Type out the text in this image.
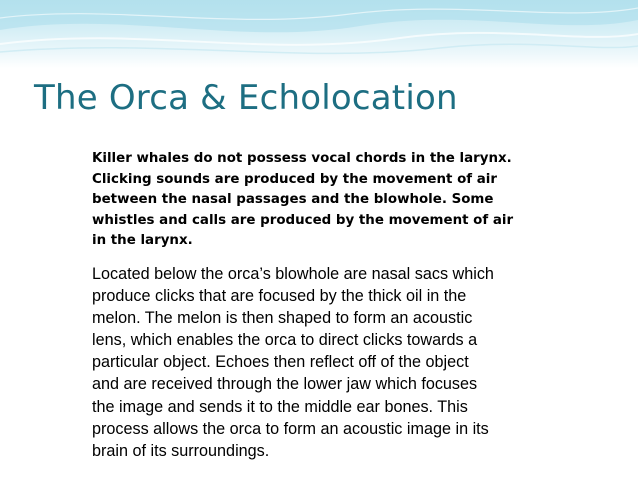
The Orca & Echolocation
Killer whales do not possess vocal chords in the larynx.
Clicking sounds are produced by the movement of air
between the nasal passages and the blowhole. Some
whistles and calls are produced by the movement of air
in the larynx.
Located below the orca’s blowhole are nasal sacs which
produce clicks that are focused by the thick oil in the
melon. The melon is then shaped to form an acoustic
lens, which enables the orca to direct clicks towards a
particular object. Echoes then reflect off of the object
and are received through the lower jaw which focuses
the image and sends it to the middle ear bones. This
process allows the orca to form an acoustic image in its
brain of its surroundings.
